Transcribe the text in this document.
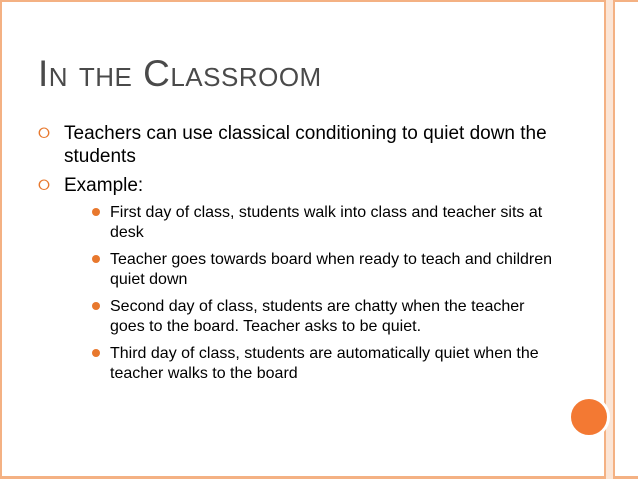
In the Classroom
⭘ Teachers can use classical conditioning to quiet down the students
⭘ Example:
First day of class, students walk into class and teacher sits at desk
Teacher goes towards board when ready to teach and children quiet down
Second day of class, students are chatty when the teacher goes to the board. Teacher asks to be quiet.
Third day of class, students are automatically quiet when the teacher walks to the board
